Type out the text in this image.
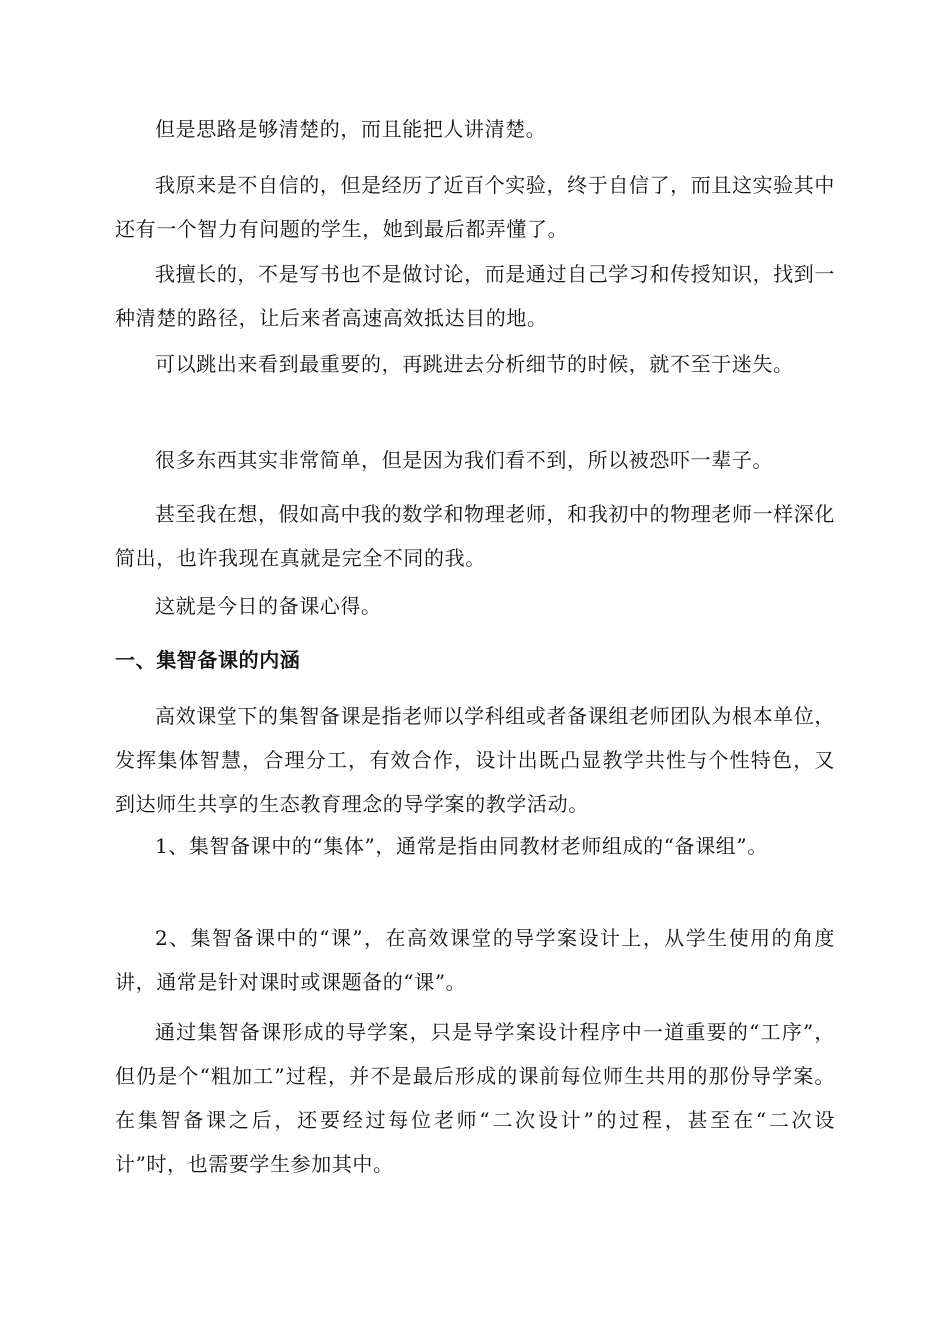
但是思路是够清楚的，而且能把人讲清楚。

我原来是不自信的，但是经历了近百个实验，终于自信了，而且这实验其中还有一个智力有问题的学生，她到最后都弄懂了。

我擅长的，不是写书也不是做讨论，而是通过自己学习和传授知识，找到一种清楚的路径，让后来者高速高效抵达目的地。

可以跳出来看到最重要的，再跳进去分析细节的时候，就不至于迷失。

很多东西其实非常简单，但是因为我们看不到，所以被恐吓一辈子。

甚至我在想，假如高中我的数学和物理老师，和我初中的物理老师一样深化简出，也许我现在真就是完全不同的我。

这就是今日的备课心得。

一、集智备课的内涵

高效课堂下的集智备课是指老师以学科组或者备课组老师团队为根本单位，发挥集体智慧，合理分工，有效合作，设计出既凸显教学共性与个性特色，又到达师生共享的生态教育理念的导学案的教学活动。

1、集智备课中的“集体”，通常是指由同教材老师组成的“备课组”。

2、集智备课中的“课”，在高效课堂的导学案设计上，从学生使用的角度讲，通常是针对课时或课题备的“课”。

通过集智备课形成的导学案，只是导学案设计程序中一道重要的“工序”，但仍是个“粗加工”过程，并不是最后形成的课前每位师生共用的那份导学案。在集智备课之后，还要经过每位老师“二次设计”的过程，甚至在“二次设计”时，也需要学生参加其中。
